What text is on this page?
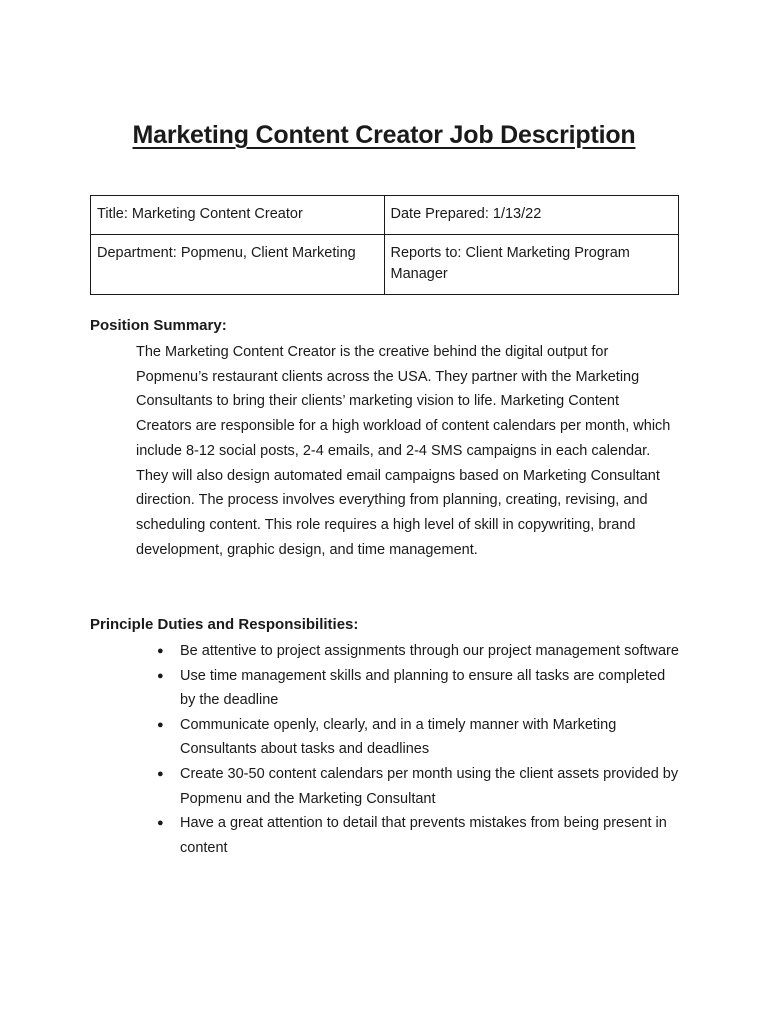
Marketing Content Creator Job Description
Title: Marketing Content Creator	Date Prepared: 1/13/22
Department: Popmenu, Client Marketing	Reports to: Client Marketing Program Manager
Position Summary:

The Marketing Content Creator is the creative behind the digital output for Popmenu’s restaurant clients across the USA. They partner with the Marketing Consultants to bring their clients’ marketing vision to life. Marketing Content Creators are responsible for a high workload of content calendars per month, which include 8-12 social posts, 2-4 emails, and 2-4 SMS campaigns in each calendar. They will also design automated email campaigns based on Marketing Consultant direction. The process involves everything from planning, creating, revising, and scheduling content. This role requires a high level of skill in copywriting, brand development, graphic design, and time management.

Principle Duties and Responsibilities:
● Be attentive to project assignments through our project management software
● Use time management skills and planning to ensure all tasks are completed by the deadline
● Communicate openly, clearly, and in a timely manner with Marketing Consultants about tasks and deadlines
● Create 30-50 content calendars per month using the client assets provided by Popmenu and the Marketing Consultant
● Have a great attention to detail that prevents mistakes from being present in content
